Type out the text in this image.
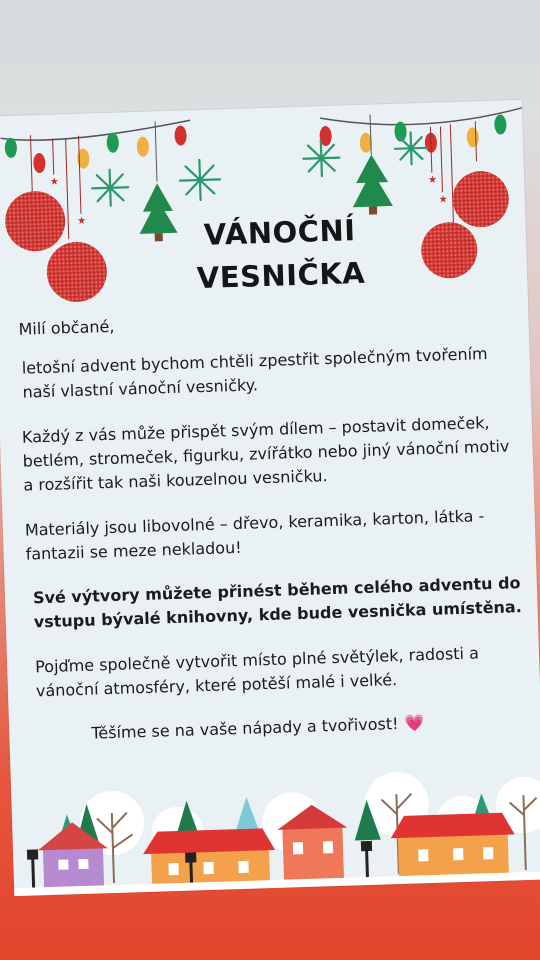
★
★
★
★
VÁNOČNÍ
VESNIČKA

Milí občané,

letošní advent bychom chtěli zpestřit společným tvořením naší vlastní vánoční vesničky.

Každý z vás může přispět svým dílem – postavit domeček, betlém, stromeček, figurku, zvířátko nebo jiný vánoční motiv a rozšířit tak naši kouzelnou vesničku.

Materiály jsou libovolné – dřevo, keramika, karton, látka - fantazii se meze nekladou!

Své výtvory můžete přinést během celého adventu do vstupu bývalé knihovny, kde bude vesnička umístěna.

Pojďme společně vytvořit místo plné světýlek, radosti a vánoční atmosféry, které potěší malé i velké.

Těšíme se na vaše nápady a tvořivost! 💗
